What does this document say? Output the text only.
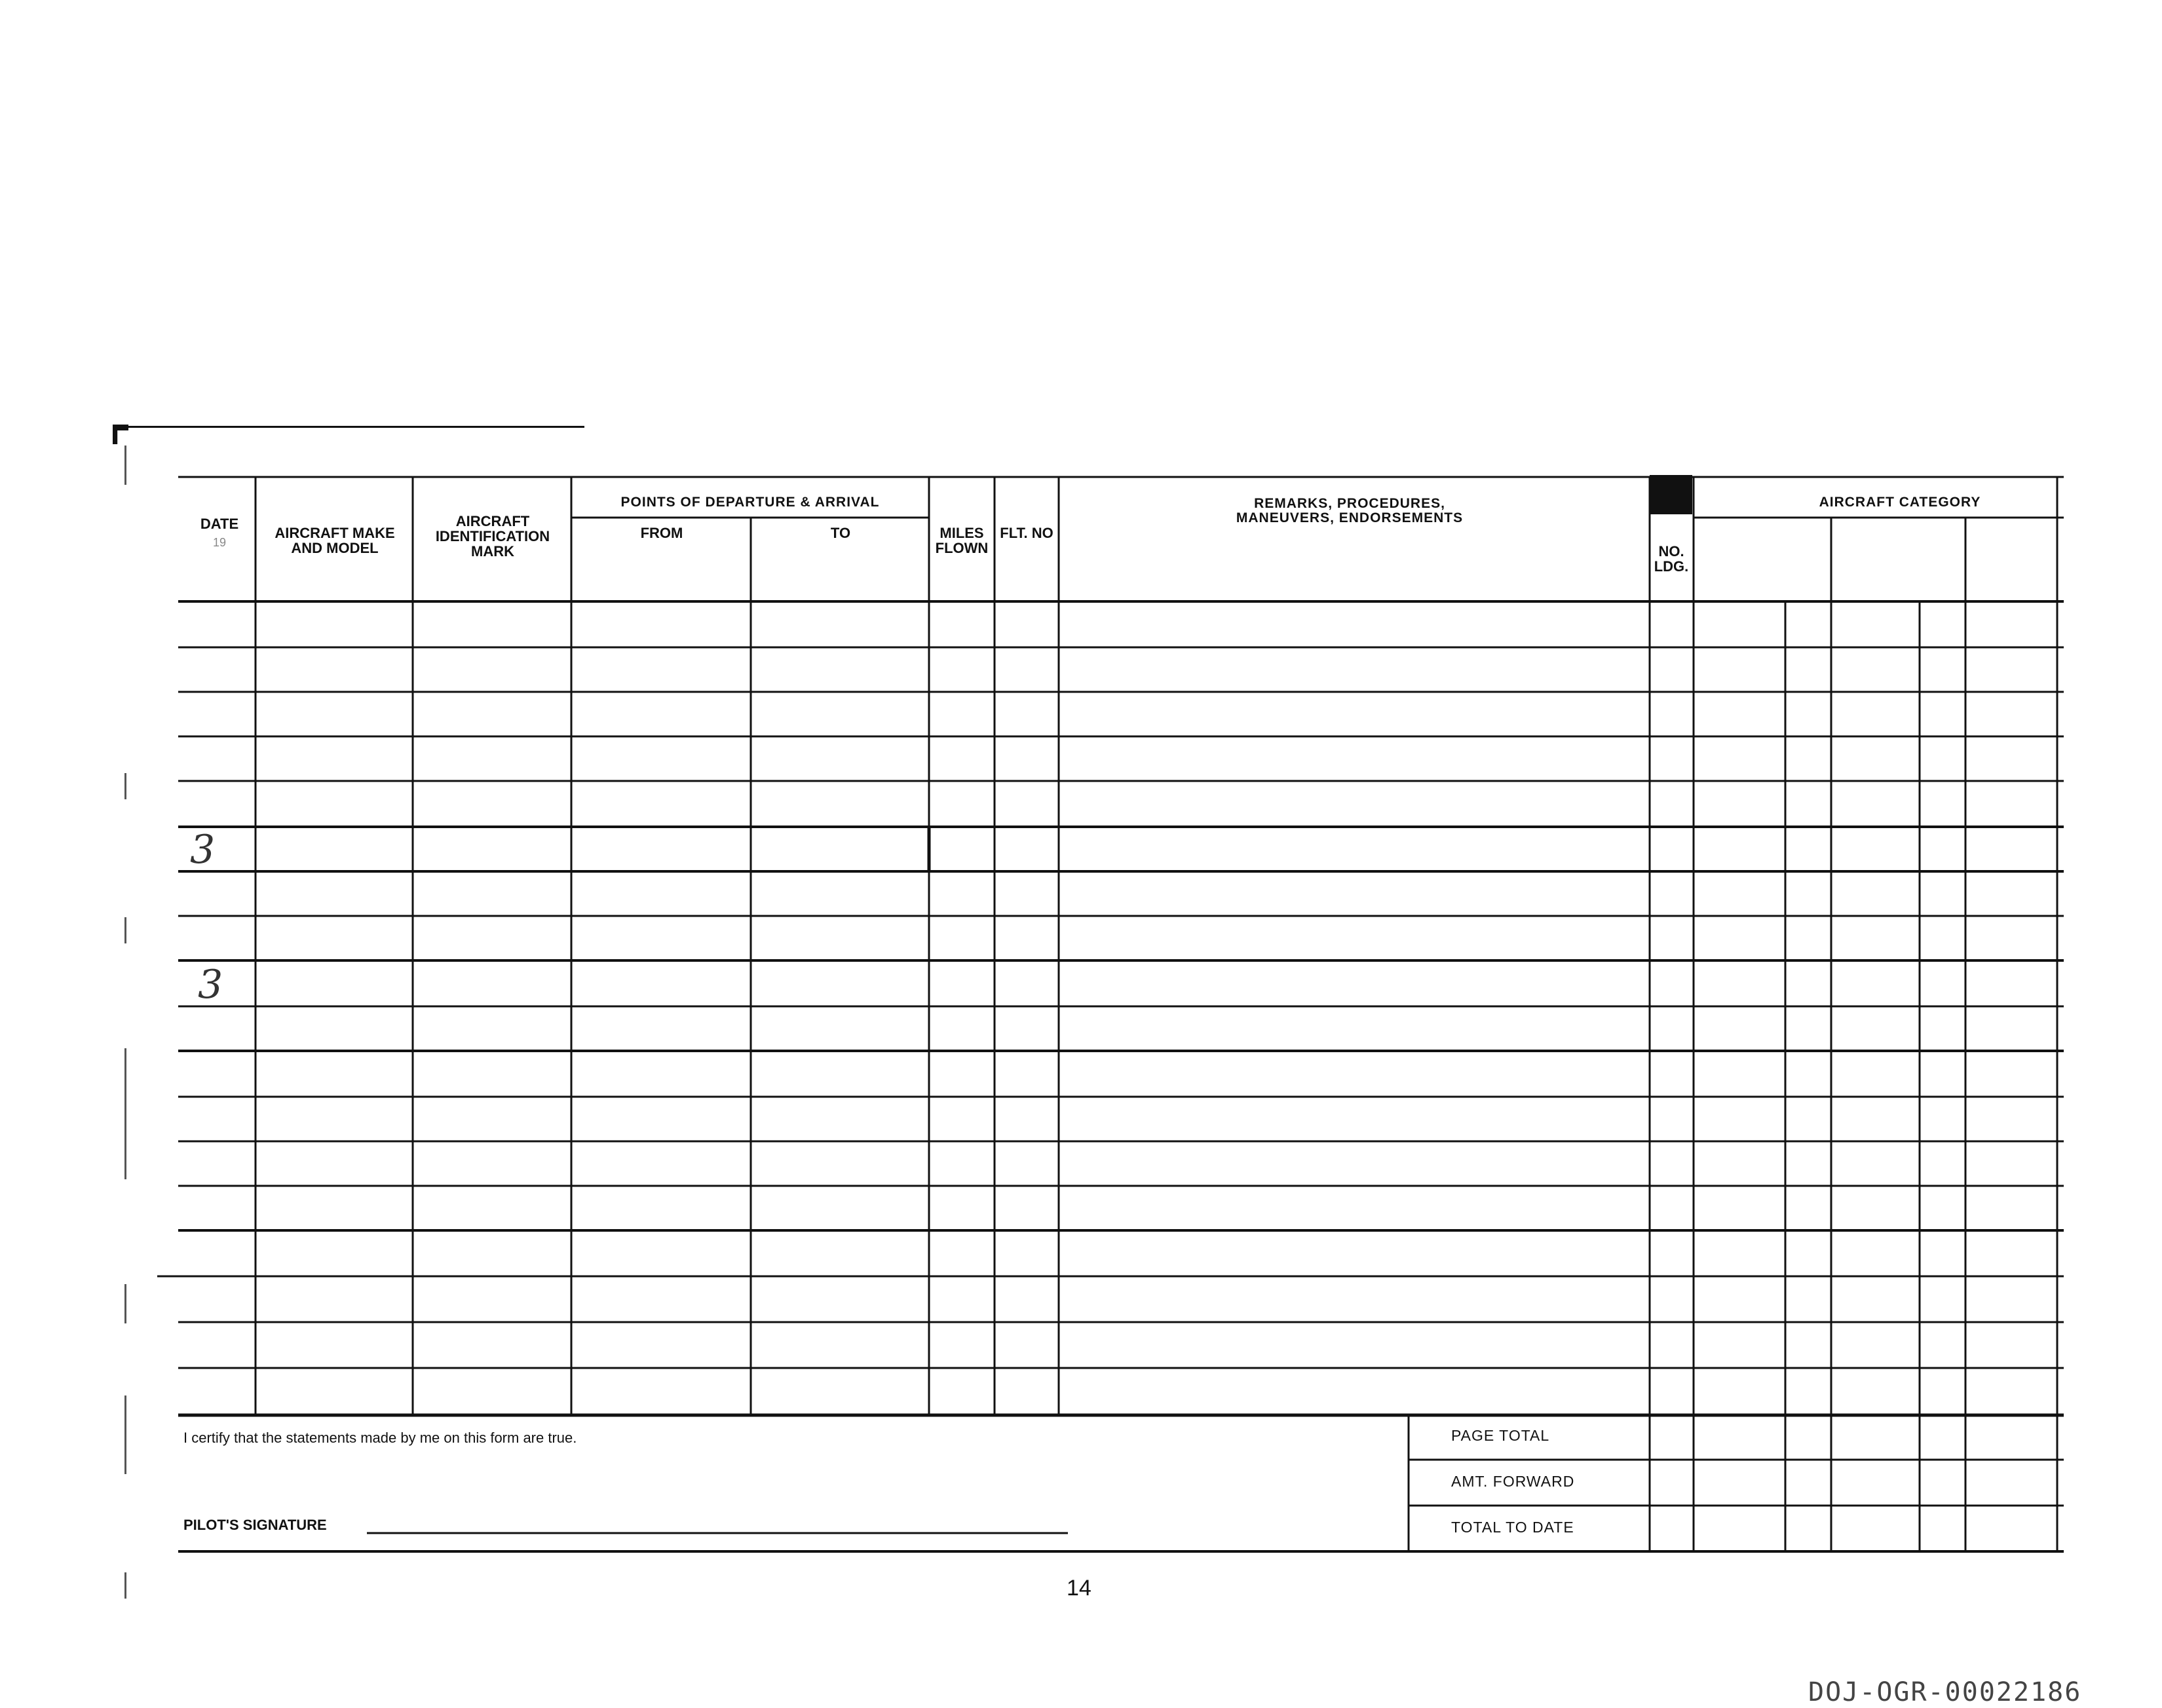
DATE
19
AIRCRAFT MAKE AND MODEL
AIRCRAFT IDENTIFICATION MARK
POINTS OF DEPARTURE & ARRIVAL
FROM	TO	MILES FLOWN
FLT. NO
REMARKS, PROCEDURES, MANEUVERS, ENDORSEMENTS
NO. LDG.
AIRCRAFT CATEGORY
3
3
I certify that the statements made by me on this form are true.
PILOT'S SIGNATURE
PAGE TOTAL
AMT. FORWARD
TOTAL TO DATE
14
DOJ-OGR-00022186
